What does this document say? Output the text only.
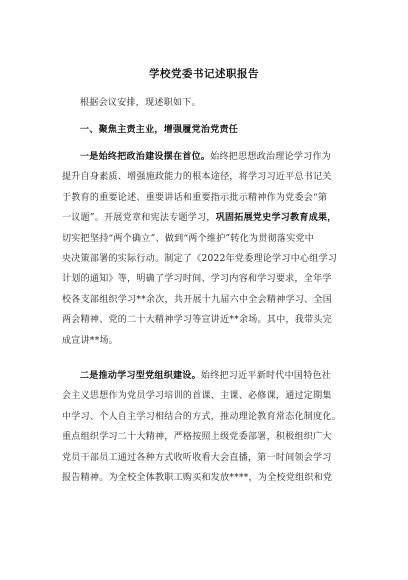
学校党委书记述职报告
根据会议安排，现述职如下。
一、聚焦主责主业，增强履党治党责任
一是始终把政治建设摆在首位。始终把思想政治理论学习作为
提升自身素质、增强施政能力的根本途径，将学习习近平总书记关
于教育的重要论述、重要讲话和重要指示批示精神作为党委会“第
一议题”。开展党章和宪法专题学习，巩固拓展党史学习教育成果，
切实把坚持“两个确立”、做到“两个维护”转化为贯彻落实党中
央决策部署的实际行动。制定了《2022年党委理论学习中心组学习
计划的通知》等，明确了学习时间、学习内容和学习要求，全年学
校各支部组织学习**余次，共开展十九届六中全会精神学习、全国
两会精神、党的二十大精神学习等宣讲近**余场。其中，我带头完
成宣讲**场。
二是推动学习型党组织建设。始终把习近平新时代中国特色社
会主义思想作为党员学习培训的首课、主课、必修课，通过定期集
中学习、个人自主学习相结合的方式，推动理论教育常态化制度化。
重点组织学习二十大精神，严格按照上级党委部署，积极组织广大
党员干部员工通过各种方式收听收看大会直播，第一时间领会学习
报告精神。为全校全体教职工购买和发放****，为全校党组织和党
